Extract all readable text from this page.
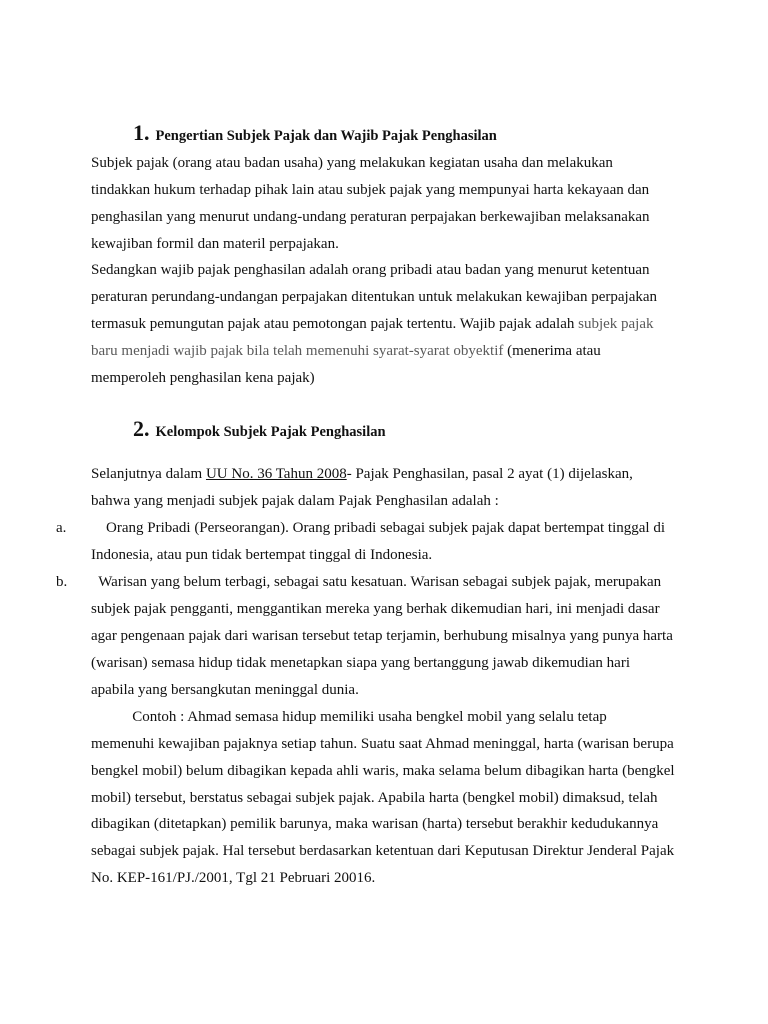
1. Pengertian Subjek Pajak dan Wajib Pajak Penghasilan
Subjek pajak (orang atau badan usaha) yang melakukan kegiatan usaha dan melakukan
tindakkan hukum terhadap pihak lain atau subjek pajak yang mempunyai harta kekayaan dan
penghasilan yang menurut undang-undang peraturan perpajakan berkewajiban melaksanakan
kewajiban formil dan materil perpajakan.
Sedangkan wajib pajak penghasilan adalah orang pribadi atau badan yang menurut ketentuan
peraturan perundang-undangan perpajakan ditentukan untuk melakukan kewajiban perpajakan
termasuk pemungutan pajak atau pemotongan pajak tertentu. Wajib pajak adalah subjek pajak
baru menjadi wajib pajak bila telah memenuhi syarat-syarat obyektif (menerima atau
memperoleh penghasilan kena pajak)
2. Kelompok Subjek Pajak Penghasilan
Selanjutnya dalam UU No. 36 Tahun 2008- Pajak Penghasilan, pasal 2 ayat (1) dijelaskan,
bahwa yang menjadi subjek pajak dalam Pajak Penghasilan adalah :
a. Orang Pribadi (Perseorangan). Orang pribadi sebagai subjek pajak dapat bertempat tinggal di
Indonesia, atau pun tidak bertempat tinggal di Indonesia.
b. Warisan yang belum terbagi, sebagai satu kesatuan. Warisan sebagai subjek pajak, merupakan
subjek pajak pengganti, menggantikan mereka yang berhak dikemudian hari, ini menjadi dasar
agar pengenaan pajak dari warisan tersebut tetap terjamin, berhubung misalnya yang punya harta
(warisan) semasa hidup tidak menetapkan siapa yang bertanggung jawab dikemudian hari
apabila yang bersangkutan meninggal dunia.
Contoh : Ahmad semasa hidup memiliki usaha bengkel mobil yang selalu tetap
memenuhi kewajiban pajaknya setiap tahun. Suatu saat Ahmad meninggal, harta (warisan berupa
bengkel mobil) belum dibagikan kepada ahli waris, maka selama belum dibagikan harta (bengkel
mobil) tersebut, berstatus sebagai subjek pajak. Apabila harta (bengkel mobil) dimaksud, telah
dibagikan (ditetapkan) pemilik barunya, maka warisan (harta) tersebut berakhir kedudukannya
sebagai subjek pajak. Hal tersebut berdasarkan ketentuan dari Keputusan Direktur Jenderal Pajak
No. KEP-161/PJ./2001, Tgl 21 Pebruari 20016.
